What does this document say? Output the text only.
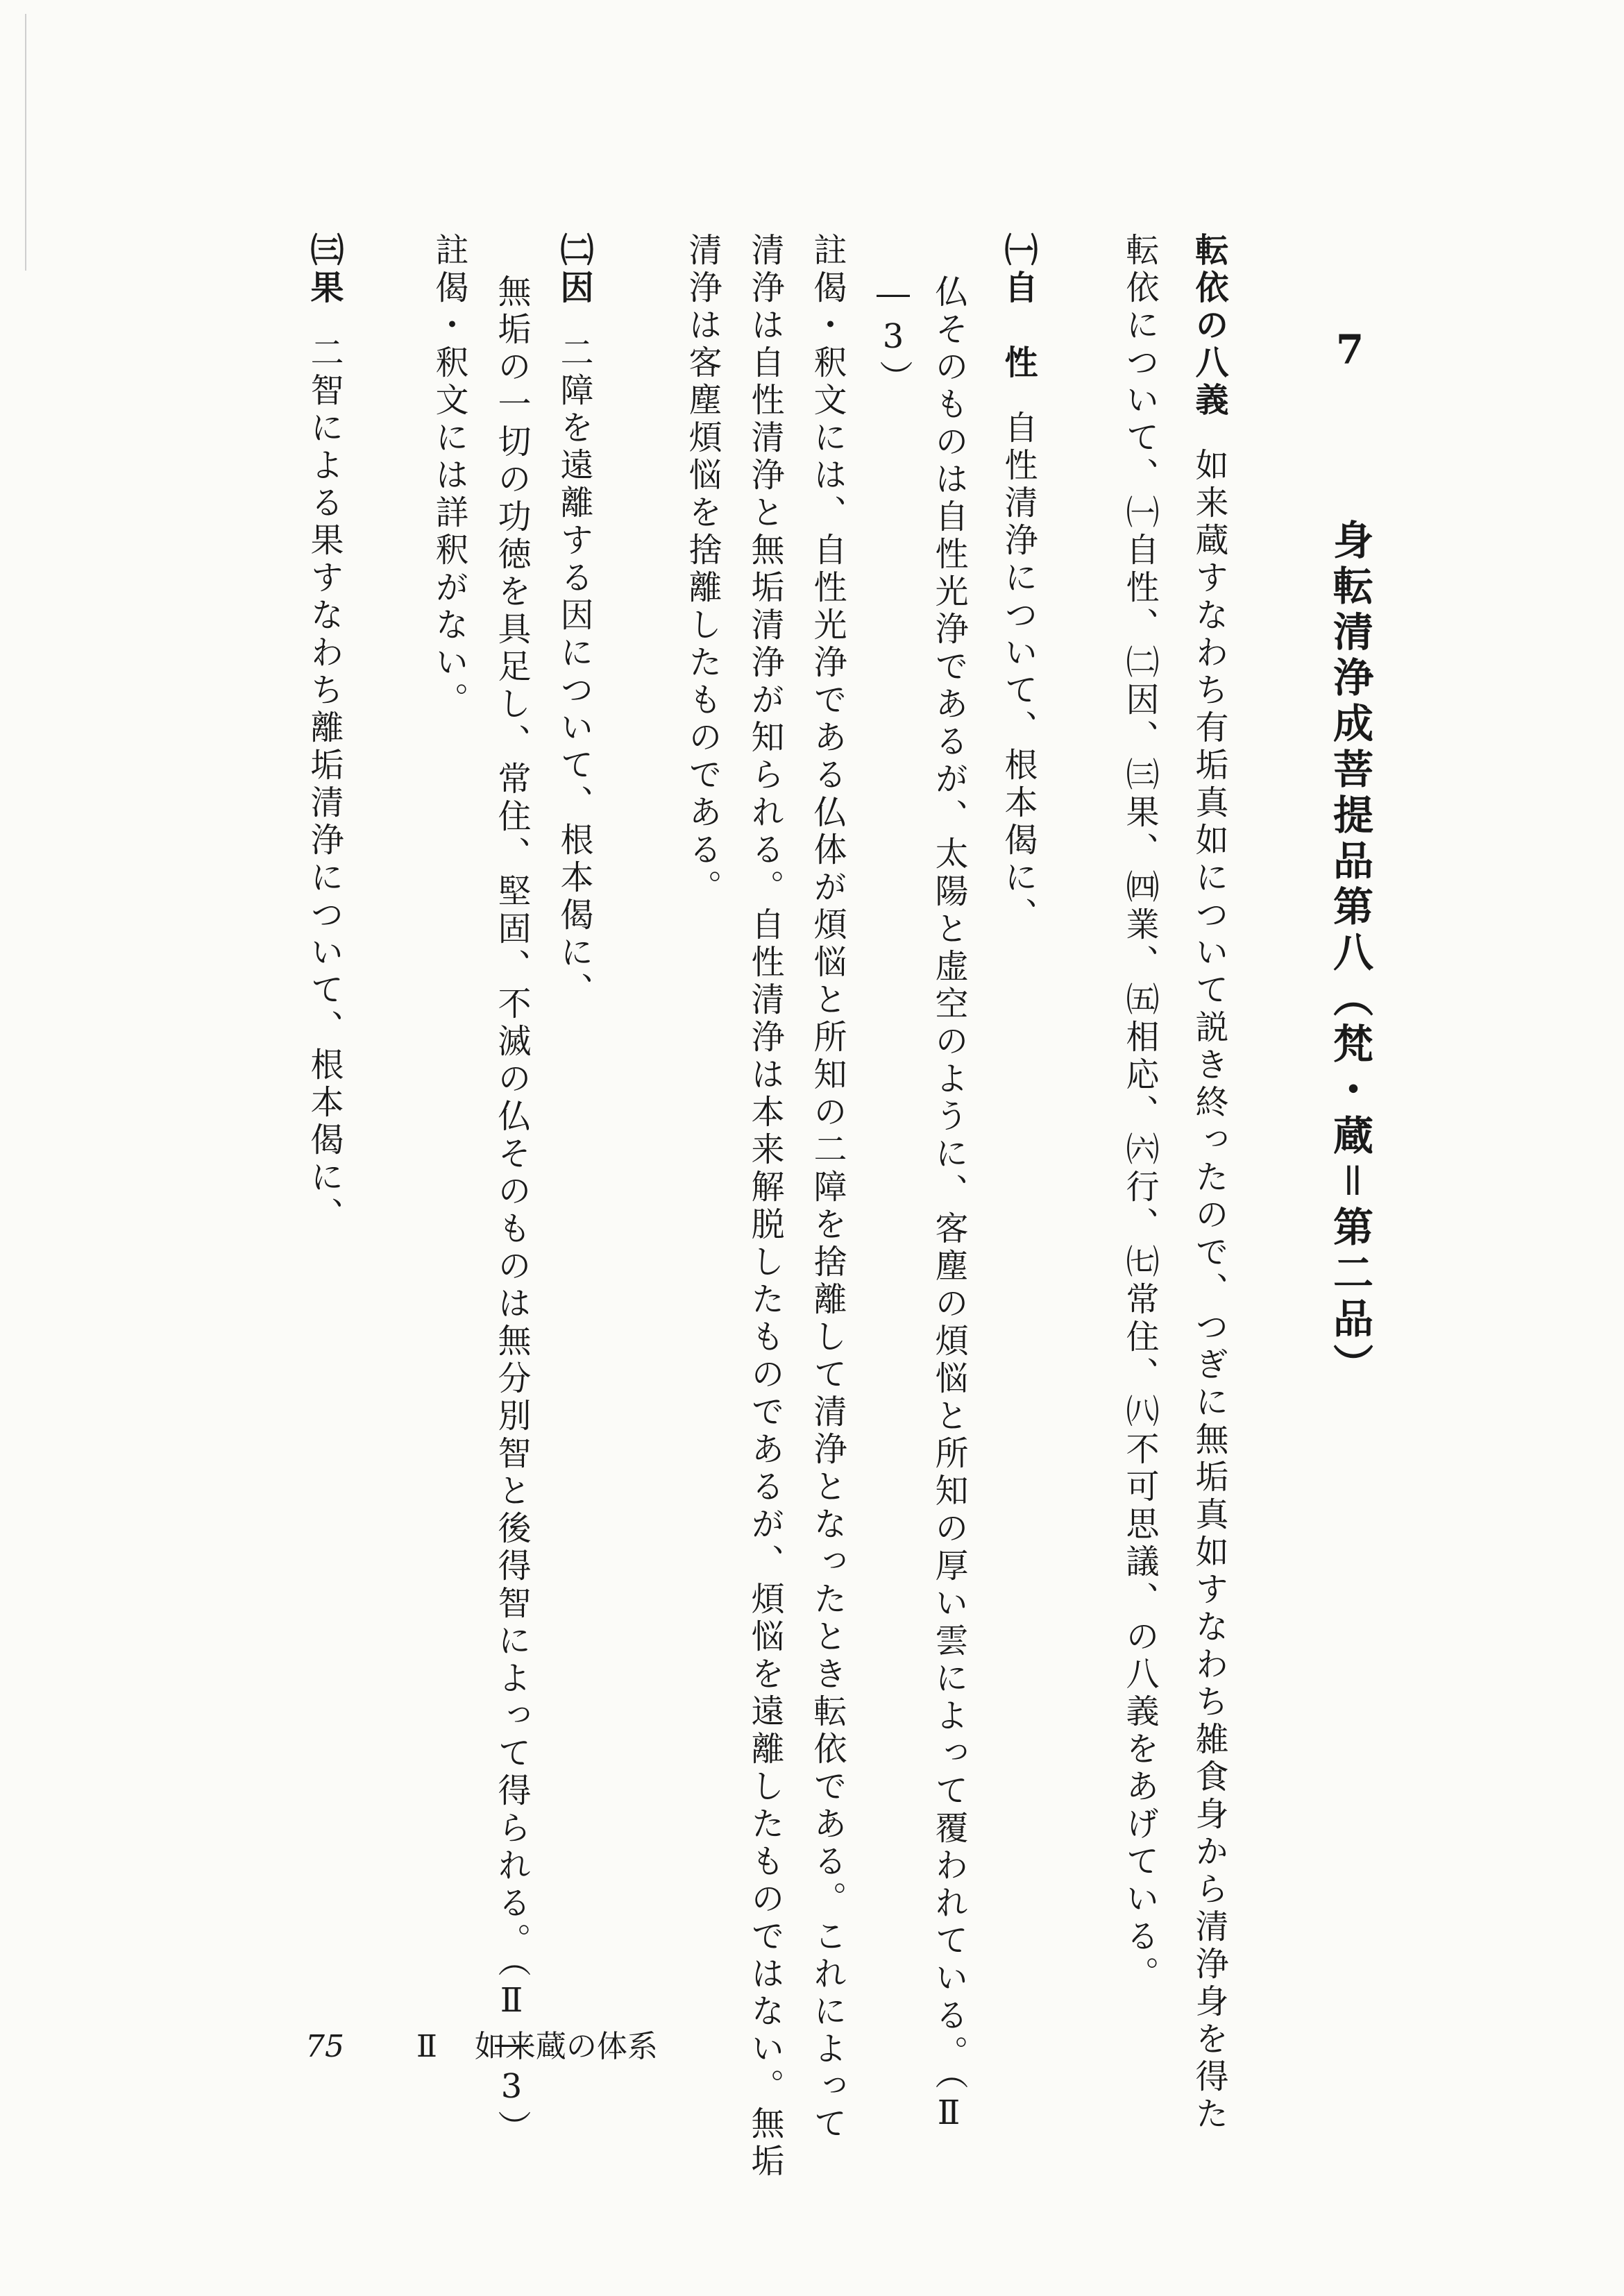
7  身転清浄成菩提品第八（梵・蔵＝第二品）
転依の八義如来蔵すなわち有垢真如について説き終ったので、つぎに無垢真如すなわち雑食身から清浄身を得た
転依について、㈠自性、㈡因、㈢果、㈣業、㈤相応、㈥行、㈦常住、㈧不可思議、の八義をあげている。
㈠自　性自性清浄について、根本偈に、
仏そのものは自性光浄であるが、太陽と虚空のように、客塵の煩悩と所知の厚い雲によって覆われている。（Ⅱ
―3）
註偈・釈文には、自性光浄である仏体が煩悩と所知の二障を捨離して清浄となったとき転依である。これによって
清浄は自性清浄と無垢清浄が知られる。自性清浄は本来解脱したものであるが、煩悩を遠離したものではない。無垢
清浄は客塵煩悩を捨離したものである。
㈡因二障を遠離する因について、根本偈に、
無垢の一切の功徳を具足し、常住、堅固、不滅の仏そのものは無分別智と後得智によって得られる。（Ⅱ―3）
註偈・釈文には詳釈がない。
㈢果二智による果すなわち離垢清浄について、根本偈に、
75 Ⅱ 如来蔵の体系
